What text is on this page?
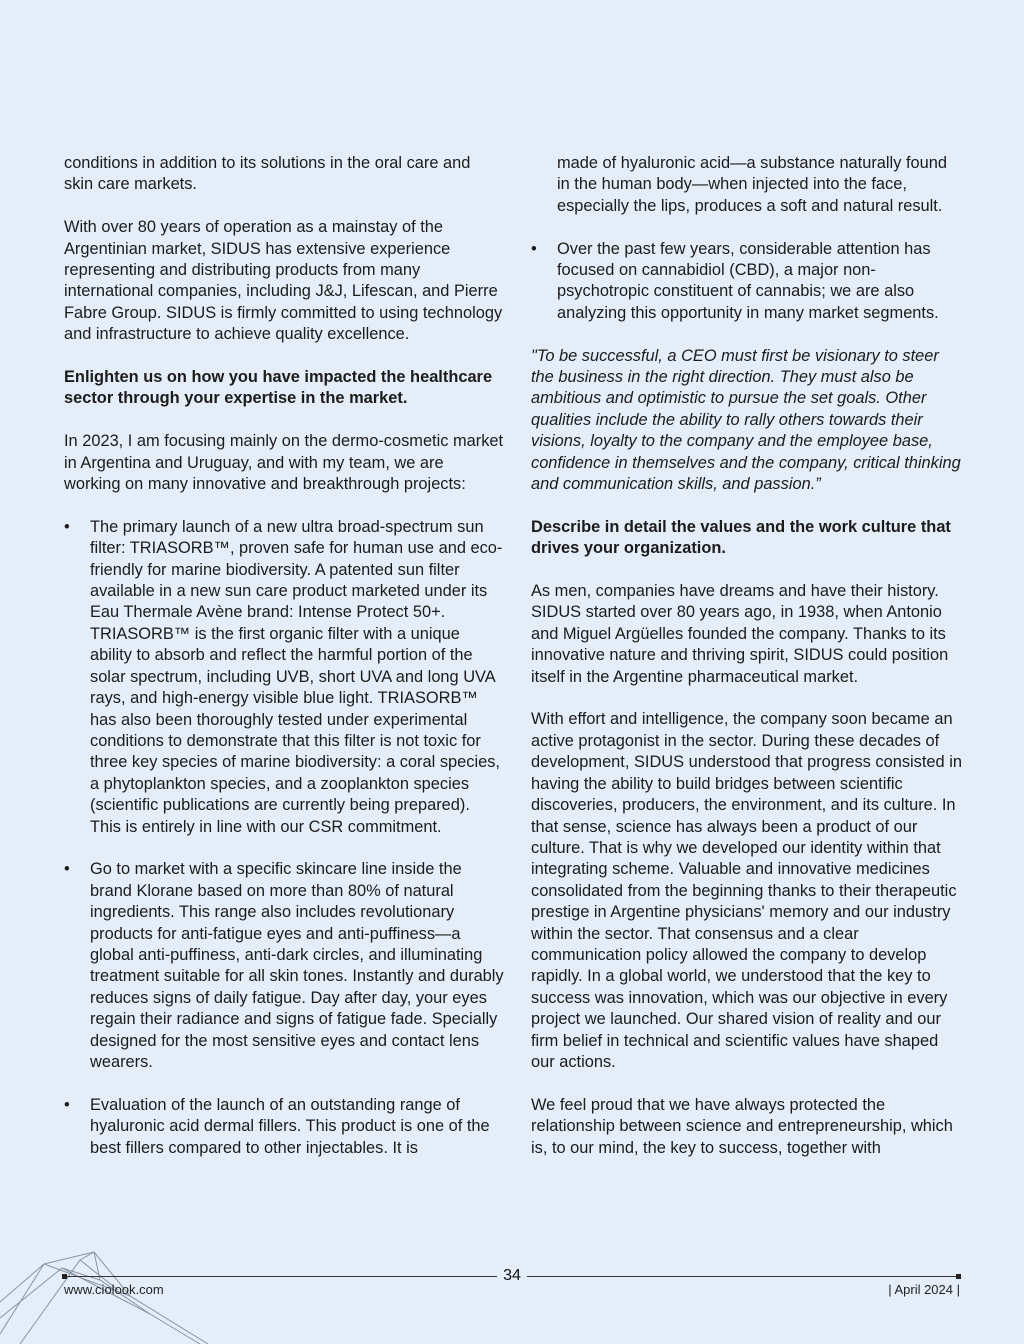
conditions in addition to its solutions in the oral care and skin care markets.

With over 80 years of operation as a mainstay of the Argentinian market, SIDUS has extensive experience representing and distributing products from many international companies, including J&J, Lifescan, and Pierre Fabre Group. SIDUS is firmly committed to using technology and infrastructure to achieve quality excellence.

Enlighten us on how you have impacted the healthcare sector through your expertise in the market.

In 2023, I am focusing mainly on the dermo-cosmetic market in Argentina and Uruguay, and with my team, we are working on many innovative and breakthrough projects:

• The primary launch of a new ultra broad-spectrum sun filter: TRIASORB™, proven safe for human use and eco-friendly for marine biodiversity. A patented sun filter available in a new sun care product marketed under its Eau Thermale Avène brand: Intense Protect 50+. TRIASORB™ is the first organic filter with a unique ability to absorb and reflect the harmful portion of the solar spectrum, including UVB, short UVA and long UVA rays, and high-energy visible blue light. TRIASORB™ has also been thoroughly tested under experimental conditions to demonstrate that this filter is not toxic for three key species of marine biodiversity: a coral species, a phytoplankton species, and a zooplankton species (scientific publications are currently being prepared). This is entirely in line with our CSR commitment.
• Go to market with a specific skincare line inside the brand Klorane based on more than 80% of natural ingredients. This range also includes revolutionary products for anti-fatigue eyes and anti-puffiness—a global anti-puffiness, anti-dark circles, and illuminating treatment suitable for all skin tones. Instantly and durably reduces signs of daily fatigue. Day after day, your eyes regain their radiance and signs of fatigue fade. Specially designed for the most sensitive eyes and contact lens wearers.
• Evaluation of the launch of an outstanding range of hyaluronic acid dermal fillers. This product is one of the best fillers compared to other injectables. It is

made of hyaluronic acid—a substance naturally found in the human body—when injected into the face, especially the lips, produces a soft and natural result.

• Over the past few years, considerable attention has focused on cannabidiol (CBD), a major non-psychotropic constituent of cannabis; we are also analyzing this opportunity in many market segments.

"To be successful, a CEO must first be visionary to steer the business in the right direction. They must also be ambitious and optimistic to pursue the set goals. Other qualities include the ability to rally others towards their visions, loyalty to the company and the employee base, confidence in themselves and the company, critical thinking and communication skills, and passion.”

Describe in detail the values and the work culture that drives your organization.

As men, companies have dreams and have their history. SIDUS started over 80 years ago, in 1938, when Antonio and Miguel Argüelles founded the company. Thanks to its innovative nature and thriving spirit, SIDUS could position itself in the Argentine pharmaceutical market.

With effort and intelligence, the company soon became an active protagonist in the sector. During these decades of development, SIDUS understood that progress consisted in having the ability to build bridges between scientific discoveries, producers, the environment, and its culture. In that sense, science has always been a product of our culture. That is why we developed our identity within that integrating scheme. Valuable and innovative medicines consolidated from the beginning thanks to their therapeutic prestige in Argentine physicians' memory and our industry within the sector. That consensus and a clear communication policy allowed the company to develop rapidly. In a global world, we understood that the key to success was innovation, which was our objective in every project we launched. Our shared vision of reality and our firm belief in technical and scientific values have shaped our actions.

We feel proud that we have always protected the relationship between science and entrepreneurship, which is, to our mind, the key to success, together with

34
www.ciolook.com	| April 2024 |
